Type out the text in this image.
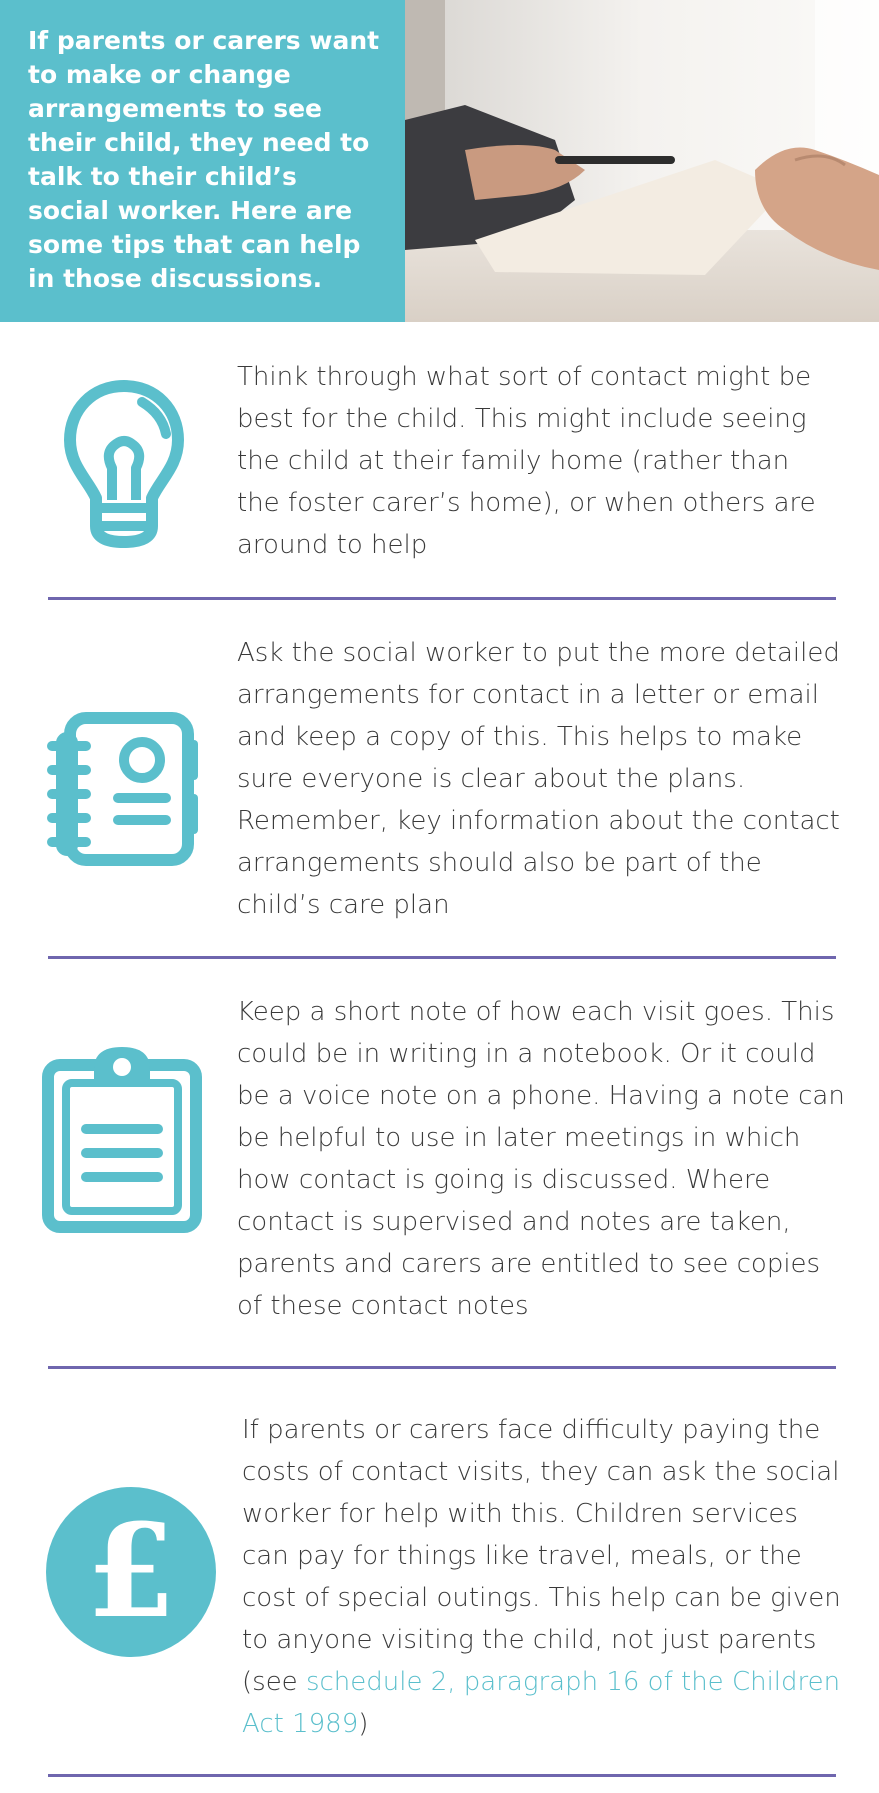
If parents or carers want to make or change arrangements to see their child, they need to talk to their child’s social worker. Here are some tips that can help in those discussions.

Think through what sort of contact might be best for the child. This might include seeing the child at their family home (rather than the foster carer’s home), or when others are around to help

Ask the social worker to put the more detailed arrangements for contact in a letter or email and keep a copy of this. This helps to make sure everyone is clear about the plans. Remember, key information about the contact arrangements should also be part of the child’s care plan

Keep a short note of how each visit goes. This could be in writing in a notebook. Or it could be a voice note on a phone. Having a note can be helpful to use in later meetings in which how contact is going is discussed. Where contact is supervised and notes are taken, parents and carers are entitled to see copies of these contact notes

£

If parents or carers face difficulty paying the costs of contact visits, they can ask the social worker for help with this. Children services can pay for things like travel, meals, or the cost of special outings. This help can be given to anyone visiting the child, not just parents (see schedule 2, paragraph 16 of the Children Act 1989)
